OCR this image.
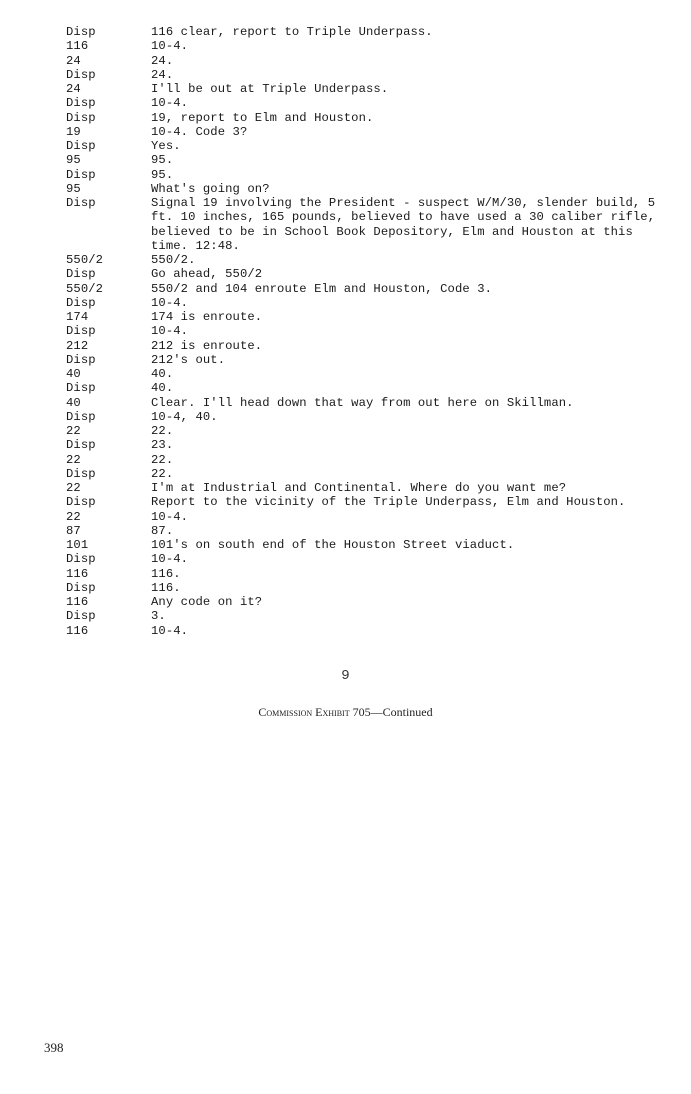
Disp	116 clear, report to Triple Underpass.
116	10-4.
24	24.
Disp	24.
24	I'll be out at Triple Underpass.
Disp	10-4.
Disp	19, report to Elm and Houston.
19	10-4. Code 3?
Disp	Yes.
95	95.
Disp	95.
95	What's going on?
Disp	Signal 19 involving the President - suspect W/M/30, slender build, 5 ft. 10 inches, 165 pounds, believed to have used a 30 caliber rifle, believed to be in School Book Depository, Elm and Houston at this time. 12:48.
550/2	550/2.
Disp	Go ahead, 550/2
550/2	550/2 and 104 enroute Elm and Houston, Code 3.
Disp	10-4.
174	174 is enroute.
Disp	10-4.
212	212 is enroute.
Disp	212's out.
40	40.
Disp	40.
40	Clear. I'll head down that way from out here on Skillman.
Disp	10-4, 40.
22	22.
Disp	23.
22	22.
Disp	22.
22	I'm at Industrial and Continental. Where do you want me?
Disp	Report to the vicinity of the Triple Underpass, Elm and Houston.
22	10-4.
87	87.
101	101's on south end of the Houston Street viaduct.
Disp	10-4.
116	116.
Disp	116.
116	Any code on it?
Disp	3.
116	10-4.
9
Commission Exhibit 705—Continued
398
